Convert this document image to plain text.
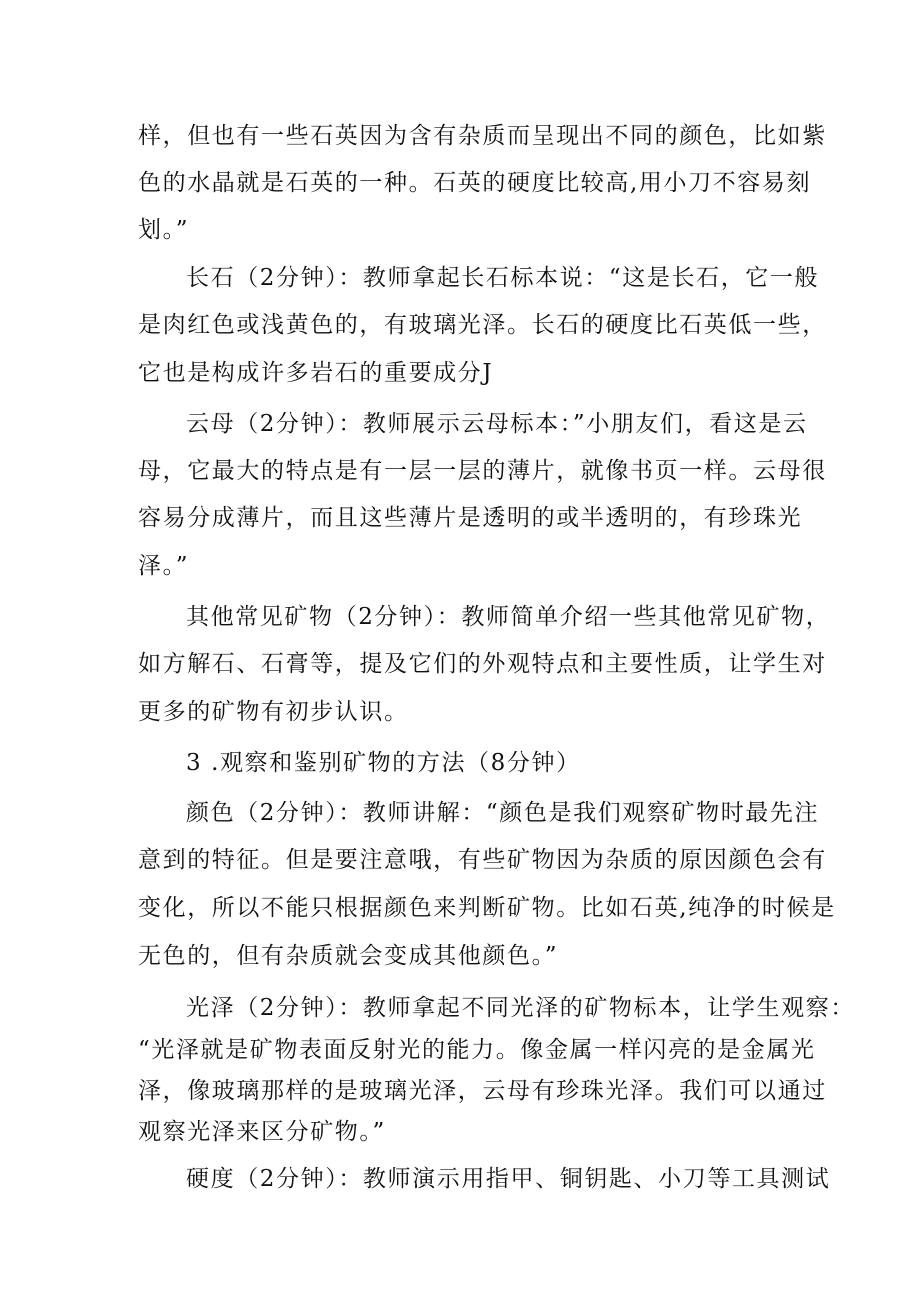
样，但也有一些石英因为含有杂质而呈现出不同的颜色，比如紫
色的水晶就是石英的一种。石英的硬度比较高,用小刀不容易刻
划。”
长石（2分钟）：教师拿起长石标本说：“这是长石，它一般
是肉红色或浅黄色的，有玻璃光泽。长石的硬度比石英低一些，
它也是构成许多岩石的重要成分J
云母（2分钟）：教师展示云母标本：”小朋友们，看这是云
母，它最大的特点是有一层一层的薄片，就像书页一样。云母很
容易分成薄片，而且这些薄片是透明的或半透明的，有珍珠光
泽。”
其他常见矿物（2分钟）：教师简单介绍一些其他常见矿物，
如方解石、石膏等，提及它们的外观特点和主要性质，让学生对
更多的矿物有初步认识。
3 .观察和鉴别矿物的方法（8分钟）
颜色（2分钟）：教师讲解：“颜色是我们观察矿物时最先注
意到的特征。但是要注意哦，有些矿物因为杂质的原因颜色会有
变化，所以不能只根据颜色来判断矿物。比如石英,纯净的时候是
无色的，但有杂质就会变成其他颜色。”
光泽（2分钟）：教师拿起不同光泽的矿物标本，让学生观察：
“光泽就是矿物表面反射光的能力。像金属一样闪亮的是金属光
泽，像玻璃那样的是玻璃光泽，云母有珍珠光泽。我们可以通过
观察光泽来区分矿物。”
硬度（2分钟）：教师演示用指甲、铜钥匙、小刀等工具测试
